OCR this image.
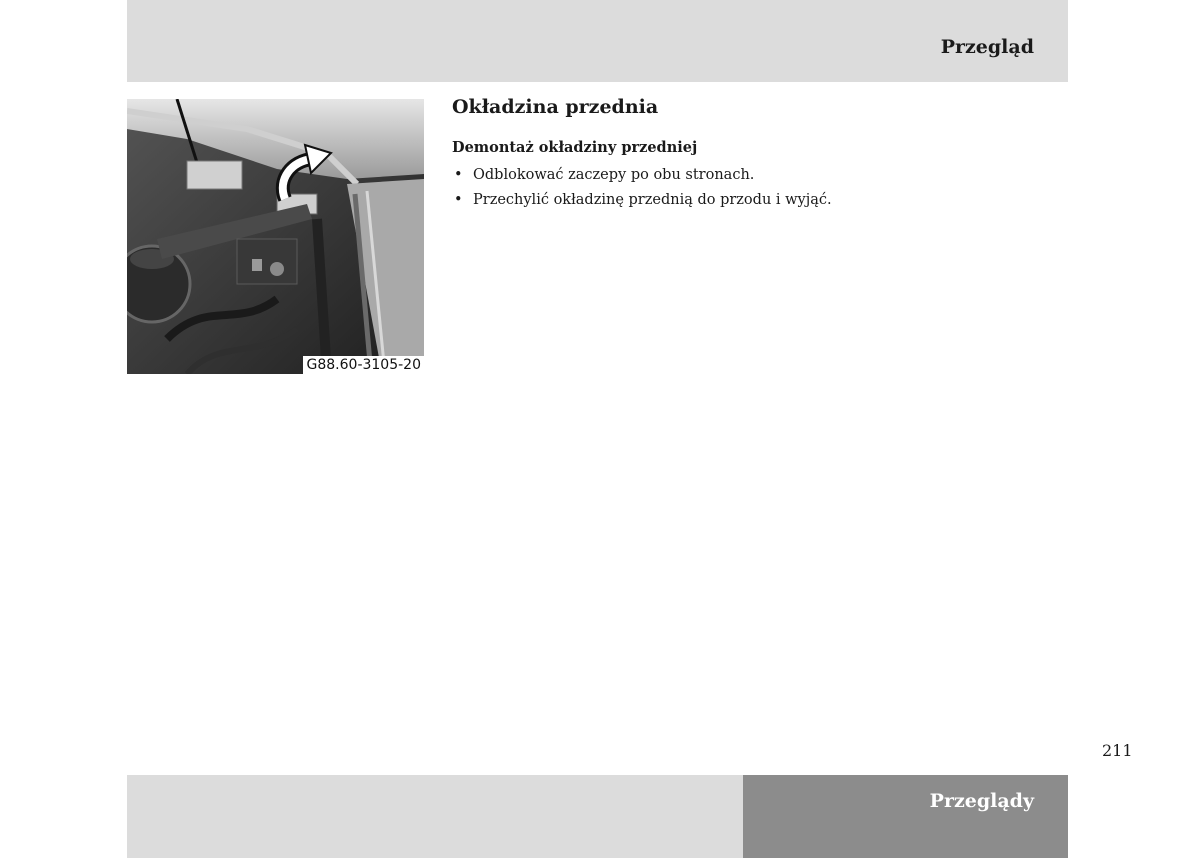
Przegląd
G88.60-3105-20
Okładzina przednia
Demontaż okładziny przedniej
• Odblokować zaczepy po obu stronach.
• Przechylić okładzinę przednią do przodu i wyjąć.
211
Przeglądy
